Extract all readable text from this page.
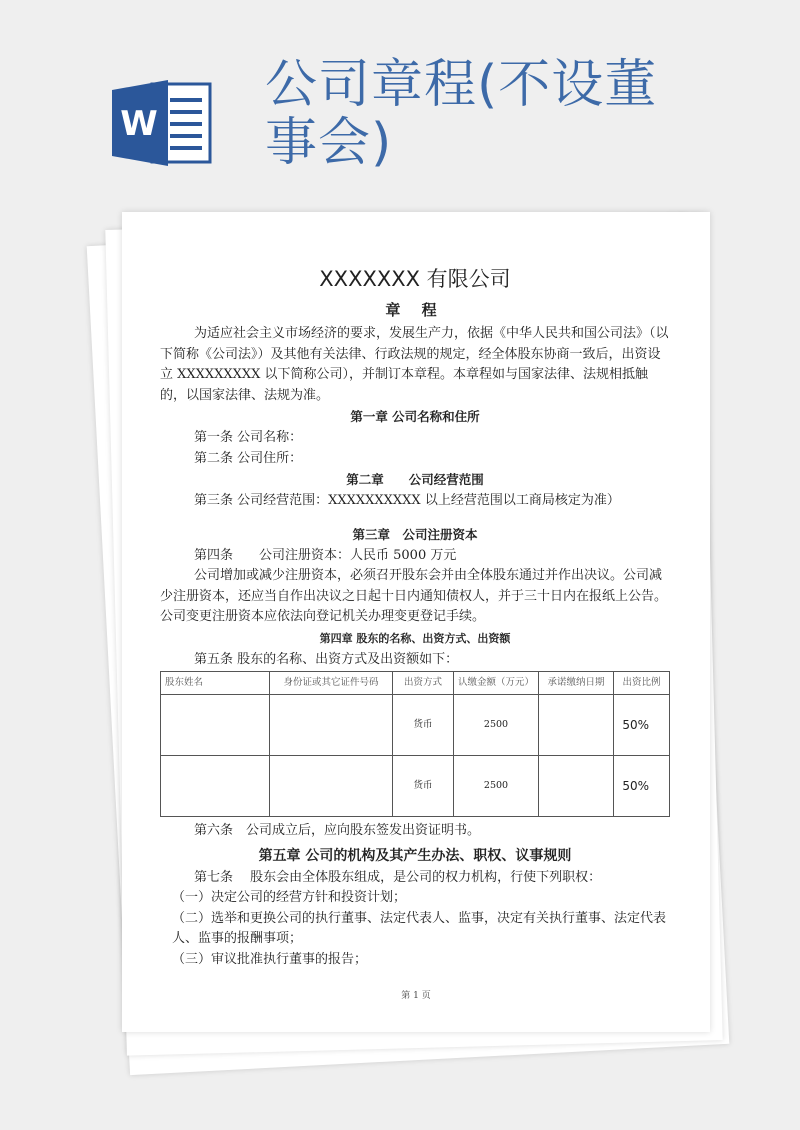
W
公司章程(不设董事会)
第 1 页

XXXXXXX 有限公司

章 程

为适应社会主义市场经济的要求，发展生产力，依据《中华人民共和国公司法》（以下简称《公司法》）及其他有关法律、行政法规的规定，经全体股东协商一致后，出资设立 XXXXXXXXX 以下简称公司），并制订本章程。本章程如与国家法律、法规相抵触的，以国家法律、法规为准。

第一章 公司名称和住所

第一条 公司名称：

第二条 公司住所：

第二章　　公司经营范围

第三条 公司经营范围：XXXXXXXXXX 以上经营范围以工商局核定为准）

第三章　公司注册资本

第四条　　公司注册资本：人民币 5000 万元

公司增加或减少注册资本，必须召开股东会并由全体股东通过并作出决议。公司减少注册资本，还应当自作出决议之日起十日内通知债权人，并于三十日内在报纸上公告。公司变更注册资本应依法向登记机关办理变更登记手续。

第四章 股东的名称、出资方式、出资额

第五条 股东的名称、出资方式及出资额如下：

股东姓名	身份证或其它证件号码	出资方式	认缴金额（万元）	承诺缴纳日期	出资比例
		货币	2500		50%
		货币	2500		50%

第六条　公司成立后，应向股东签发出资证明书。

第五章 公司的机构及其产生办法、职权、议事规则

第七条　 股东会由全体股东组成，是公司的权力机构，行使下列职权：

（一）决定公司的经营方针和投资计划；

（二）选举和更换公司的执行董事、法定代表人、监事，决定有关执行董事、法定代表人、监事的报酬事项；

（三）审议批准执行董事的报告；
